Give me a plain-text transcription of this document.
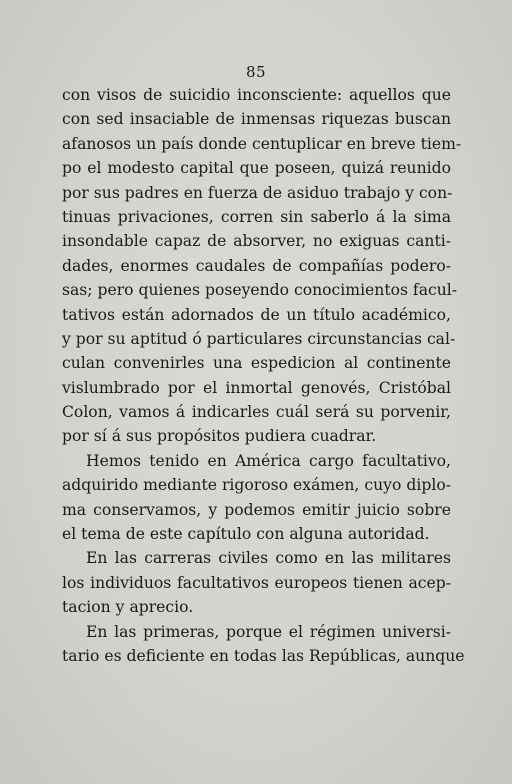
85
con visos de suicidio inconsciente: aquellos que
con sed insaciable de inmensas riquezas buscan
afanosos un país donde centuplicar en breve tiem-
po el modesto capital que poseen, quizá reunido
por sus padres en fuerza de asiduo trabajo y con-
tinuas privaciones, corren sin saberlo á la sima
insondable capaz de absorver, no exiguas canti-
dades, enormes caudales de compañías podero-
sas; pero quienes poseyendo conocimientos facul-
tativos están adornados de un título académico,
y por su aptitud ó particulares circunstancias cal-
culan convenirles una espedicion al continente
vislumbrado por el inmortal genovés, Cristóbal
Colon, vamos á indicarles cuál será su porvenir,
por sí á sus propósitos pudiera cuadrar.
Hemos tenido en América cargo facultativo,
adquirido mediante rigoroso exámen, cuyo diplo-
ma conservamos, y podemos emitir juicio sobre
el tema de este capítulo con alguna autoridad.
En las carreras civiles como en las militares
los individuos facultativos europeos tienen acep-
tacion y aprecio.
En las primeras, porque el régimen universi-
tario es deficiente en todas las Repúblicas, aunque
